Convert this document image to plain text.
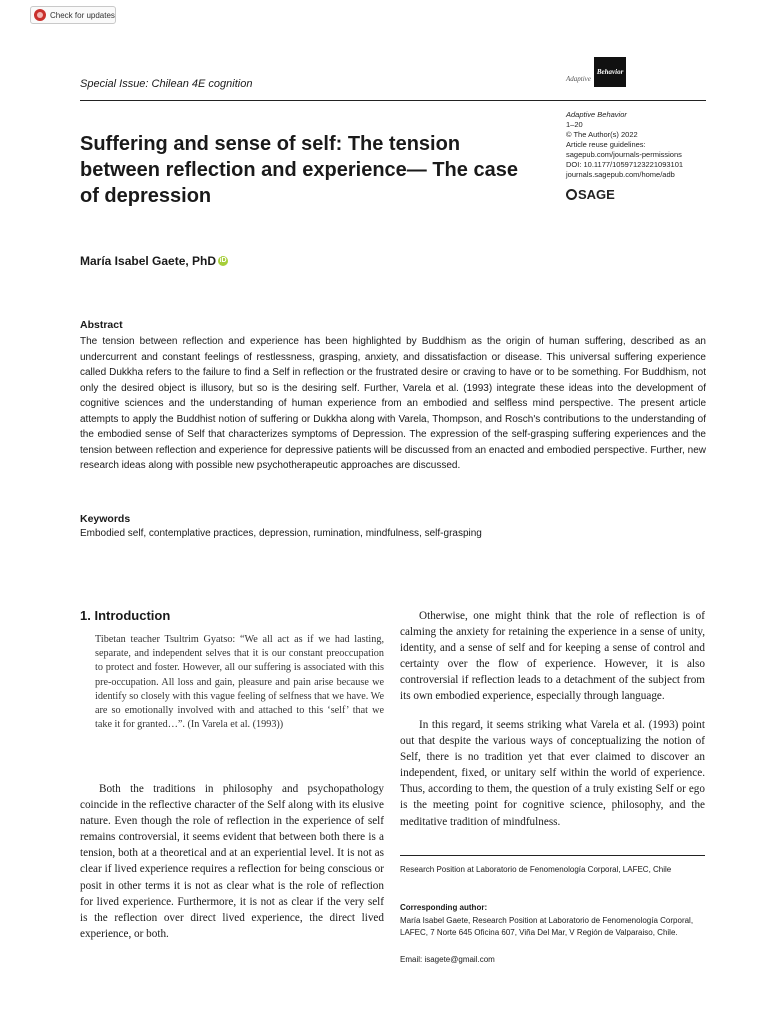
Check for updates
Special Issue: Chilean 4E cognition	Adaptive
Behavior
Adaptive Behavior
1–20
© The Author(s) 2022
Article reuse guidelines:
sagepub.com/journals-permissions
DOI: 10.1177/10597123221093101
journals.sagepub.com/home/adb
SAGE
Suffering and sense of self: The tension between reflection and experience— The case of depression
María Isabel Gaete, PhD iD
Abstract

The tension between reflection and experience has been highlighted by Buddhism as the origin of human suffering, described as an undercurrent and constant feelings of restlessness, grasping, anxiety, and dissatisfaction or disease. This universal suffering experience called Dukkha refers to the failure to find a Self in reflection or the frustrated desire or craving to have or to be something. For Buddhism, not only the desired object is illusory, but so is the desiring self. Further, Varela et al. (1993) integrate these ideas into the development of cognitive sciences and the understanding of human experience from an embodied and selfless mind perspective. The present article attempts to apply the Buddhist notion of suffering or Dukkha along with Varela, Thompson, and Rosch's contributions to the understanding of the embodied sense of Self that characterizes symptoms of Depression. The expression of the self-grasping suffering experiences and the tension between reflection and experience for depressive patients will be discussed from an enacted and embodied perspective. Further, new research ideas along with possible new psychotherapeutic approaches are discussed.

Keywords
Embodied self, contemplative practices, depression, rumination, mindfulness, self-grasping
1. Introduction

Tibetan teacher Tsultrim Gyatso: “We all act as if we had lasting, separate, and independent selves that it is our constant preoccupation to protect and foster. However, all our suffering is associated with this pre-occupation. All loss and gain, pleasure and pain arise because we identify so closely with this vague feeling of selfness that we have. We are so emotionally involved with and attached to this ‘self’ that we take it for granted…”. (In Varela et al. (1993))

Both the traditions in philosophy and psychopathology coincide in the reflective character of the Self along with its elusive nature. Even though the role of reflection in the experience of self remains controversial, it seems evident that between both there is a tension, both at a theoretical and at an experiential level. It is not as clear if lived experience requires a reflection for being conscious or posit in other terms it is not as clear what is the role of reflection for lived experience. Furthermore, it is not as clear if the very self is the reflection over direct lived experience, the direct lived experience, or both.

Otherwise, one might think that the role of reflection is of calming the anxiety for retaining the experience in a sense of unity, identity, and a sense of self and for keeping a sense of control and certainty over the flow of experience. However, it is also controversial if reflection leads to a detachment of the subject from its own embodied experience, especially through language.

In this regard, it seems striking what Varela et al. (1993) point out that despite the various ways of conceptualizing the notion of Self, there is no tradition yet that ever claimed to discover an independent, fixed, or unitary self within the world of experience. Thus, according to them, the question of a truly existing Self or ego is the meeting point for cognitive science, philosophy, and the meditative tradition of mindfulness.

Research Position at Laboratorio de Fenomenología Corporal, LAFEC, Chile

Corresponding author:

María Isabel Gaete, Research Position at Laboratorio de Fenomenología Corporal, LAFEC, 7 Norte 645 Oficina 607, Viña Del Mar, V Región de Valparaiso, Chile.

Email: isagete@gmail.com
